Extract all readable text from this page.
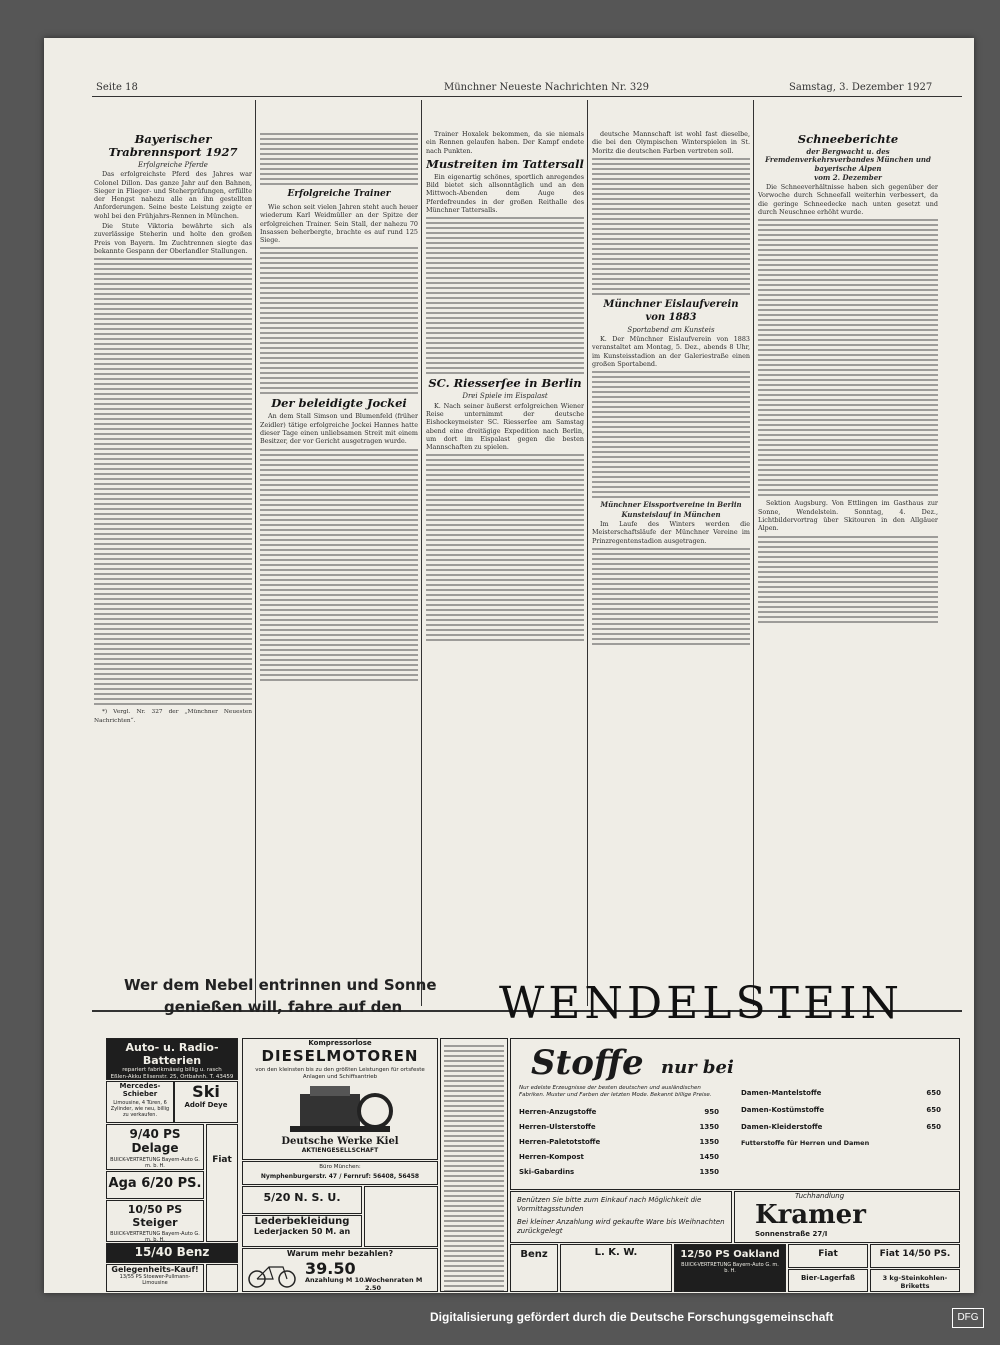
Seite 18	Münchner Neueste Nachrichten Nr. 329	Samstag, 3. Dezember 1927
Bayerischer Trabrennsport 1927
Erfolgreiche Pferde

Das erfolgreichste Pferd des Jahres war Colonel Dillon. Das ganze Jahr auf den Bahnen, Sieger in Flieger- und Steherprüfungen, erfüllte der Hengst nahezu alle an ihn gestellten Anforderungen. Seine beste Leistung zeigte er wohl bei den Frühjahrs-Rennen in München.

Die Stute Viktoria bewährte sich als zuverlässige Steherin und holte den großen Preis von Bayern. Im Zuchtrennen siegte das bekannte Gespann der Oberlandler Stallungen.

*) Vergl. Nr. 327 der „Münchner Neuesten Nachrichten“.

Erfolgreiche Trainer

Wie schon seit vielen Jahren steht auch heuer wiederum Karl Weidmüller an der Spitze der erfolgreichen Trainer. Sein Stall, der nahezu 70 Insassen beherbergte, brachte es auf rund 125 Siege.

Der beleidigte Jockei

An dem Stall Simson und Blumenfeld (früher Zeidler) tätige erfolgreiche Jockei Hannes hatte dieser Tage einen unliebsamen Streit mit einem Besitzer, der vor Gericht ausgetragen wurde.

Trainer Hoxalek bekommen, da sie niemals ein Rennen gelaufen haben. Der Kampf endete nach Punkten.

Mustreiten im Tattersall

Ein eigenartig schönes, sportlich anregendes Bild bietet sich allsonntäglich und an den Mittwoch-Abenden dem Auge des Pferdefreundes in der großen Reithalle des Münchner Tattersalls.

SC. Riesserſee in Berlin
Drei Spiele im Eispalast

K. Nach seiner äußerst erfolgreichen Wiener Reise unternimmt der deutsche Eishockeymeister SC. Riesserſee am Samstag abend eine dreitägige Expedition nach Berlin, um dort im Eispalast gegen die besten Mannschaften zu spielen.

deutsche Mannschaft ist wohl fast dieselbe, die bei den Olympischen Winterspielen in St. Moritz die deutschen Farben vertreten soll.

Münchner Eislaufverein von 1883
Sportabend am Kunsteis

K. Der Münchner Eislaufverein von 1883 veranstaltet am Montag, 5. Dez., abends 8 Uhr, im Kunsteisstadion an der Galeriestraße einen großen Sportabend.

Münchner Eissportvereine in Berlin
Kunsteislauf in München

Im Laufe des Winters werden die Meisterschaftsläufe der Münchner Vereine im Prinzregentenstadion ausgetragen.

Schneeberichte
der Bergwacht u. des Fremdenverkehrsverbandes München und bayerische Alpen
vom 2. Dezember

Die Schneeverhältnisse haben sich gegenüber der Vorwoche durch Schneefall weiterhin verbessert, da die geringe Schneedecke nach unten gesetzt und durch Neuschnee erhöht wurde.

Sektion Augsburg. Von Ettlingen im Gasthaus zur Sonne, Wendelstein. Sonntag, 4. Dez., Lichtbildervortrag über Skitouren in den Allgäuer Alpen.

Wer dem Nebel entrinnen und Sonne
genießen will, fahre auf den WENDELSTEIN
Auto- u. Radio-Batterien
repariert fabrikmässig billig u. rasch
Eßlen-Akku Elisenstr. 25, Ortbahnh. T. 43459
Mercedes-Schieber
Limousine, 4 Türen, 6 Zylinder, wie neu, billig zu verkaufen.
Ski
Adolf Deye
9/40 PS Delage
BUICK-VERTRETUNG Bayern-Auto G. m. b. H.
Aga 6/20 PS.
10/50 PS Steiger
BUICK-VERTRETUNG Bayern-Auto G. m. b. H.
Fiat
15/40 Benz
Gelegenheits-Kauf!
13/55 PS Stoewer-Pullmann-Limousine
Kompressorlose
DIESELMOTOREN
von den kleinsten bis zu den größten Leistungen für ortsfeste Anlagen und Schiffsantrieb
Deutsche Werke Kiel
AKTIENGESELLSCHAFT
Büro München:
Nymphenburgerstr. 47 / Fernruf: 56408, 56458
5/20 N. S. U.
Lederbekleidung
Lederjacken 50 M. an
Warum mehr bezahlen?
39.50
Anzahlung M 10.–
Wochenraten M 2.50
Stoffe nur bei
Nur edelste Erzeugnisse der besten deutschen und ausländischen Fabriken. Muster und Farben der letzten Mode. Bekannt billige Preise.
Herren-Anzugstoffe	950
Herren-Ulsterstoffe	1350
Herren-Paletotstoffe	1350
Herren-Kompost	1450
Ski-Gabardins	1350
Damen-Mantelstoffe	650
Damen-Kostümstoffe	650
Damen-Kleiderstoffe	650
Futterstoffe für Herren und Damen
Benützen Sie bitte zum Einkauf nach Möglichkeit die Vormittagsstunden
Bei kleiner Anzahlung wird gekaufte Ware bis Weihnachten zurückgelegt
Tuchhandlung
Kramer
Sonnenstraße 27/I
Benz	L. K. W.	12/50 PS Oakland
BUICK-VERTRETUNG Bayern-Auto G. m. b. H.
Fiat	Fiat 14/50 PS.
Bier-Lagerfaß	3 kg-Steinkohlen-Briketts
Digitalisierung gefördert durch die Deutsche Forschungsgemeinschaft	DFG
